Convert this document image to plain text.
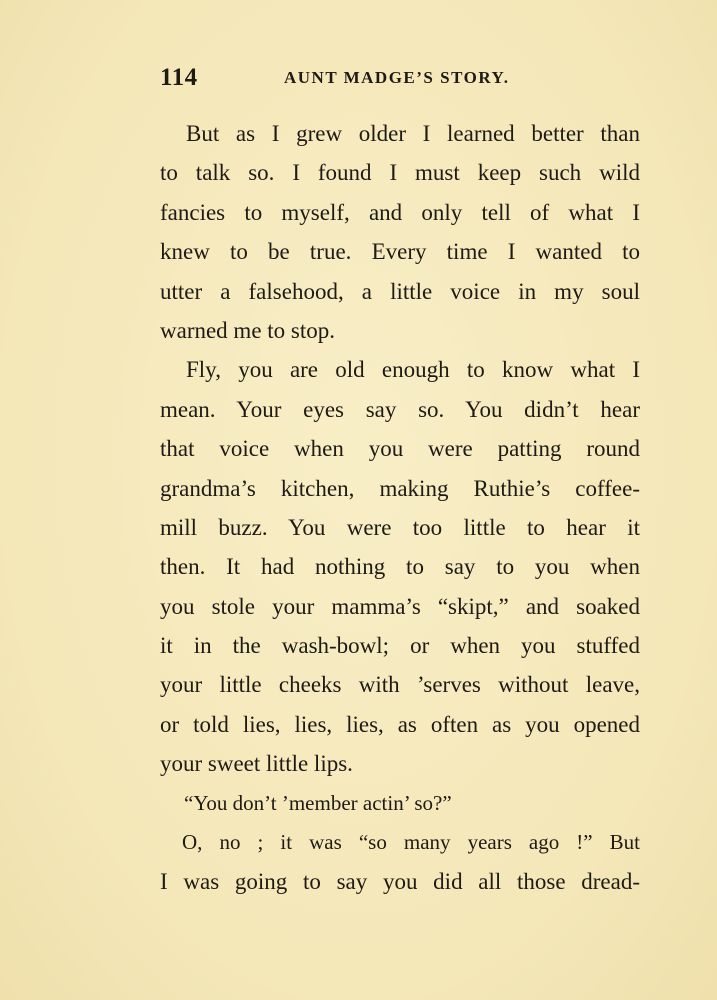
114	AUNT MADGE’S STORY.
But as I grew older I learned better than
to talk so. I found I must keep such wild
fancies to myself, and only tell of what I
knew to be true. Every time I wanted to
utter a falsehood, a little voice in my soul
warned me to stop.
Fly, you are old enough to know what I
mean. Your eyes say so. You didn’t hear
that voice when you were patting round
grandma’s kitchen, making Ruthie’s coffee-
mill buzz. You were too little to hear it
then. It had nothing to say to you when
you stole your mamma’s “skipt,” and soaked
it in the wash-bowl; or when you stuffed
your little cheeks with ’serves without leave,
or told lies, lies, lies, as often as you opened
your sweet little lips.
“You don’t ’member actin’ so?”
O, no ; it was “so many years ago !” But
I was going to say you did all those dread-
